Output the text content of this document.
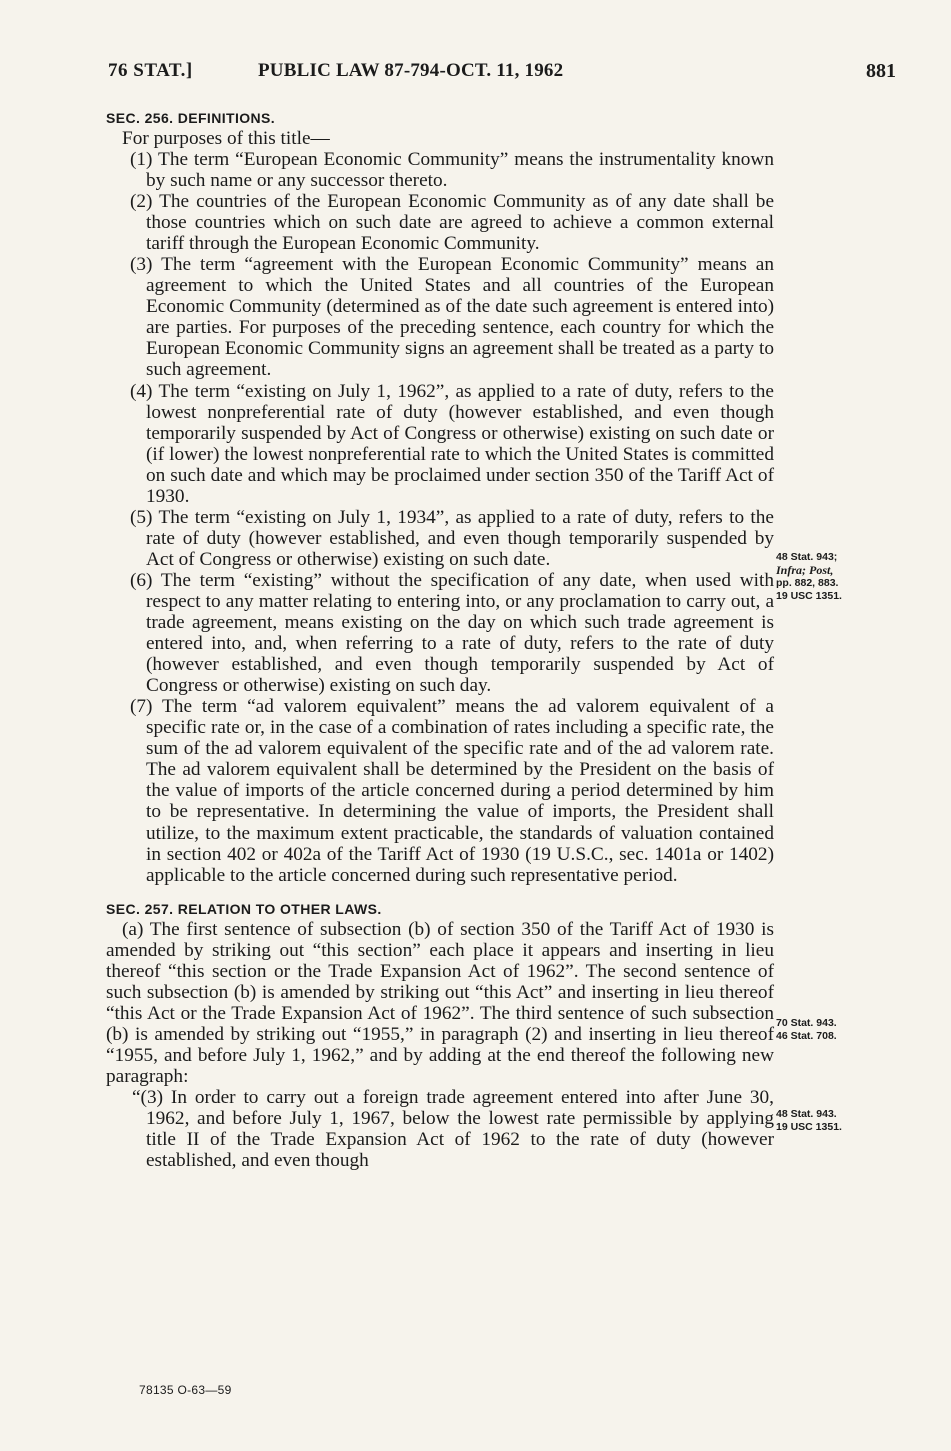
76 STAT.]	PUBLIC LAW 87-794-OCT. 11, 1962	881

SEC. 256. DEFINITIONS.

For purposes of this title—

(1) The term “European Economic Community” means the instrumentality known by such name or any successor thereto.

(2) The countries of the European Economic Community as of any date shall be those countries which on such date are agreed to achieve a common external tariff through the European Economic Community.

(3) The term “agreement with the European Economic Community” means an agreement to which the United States and all countries of the European Economic Community (determined as of the date such agreement is entered into) are parties. For purposes of the preceding sentence, each country for which the European Economic Community signs an agreement shall be treated as a party to such agreement.

(4) The term “existing on July 1, 1962”, as applied to a rate of duty, refers to the lowest nonpreferential rate of duty (however established, and even though temporarily suspended by Act of Congress or otherwise) existing on such date or (if lower) the lowest nonpreferential rate to which the United States is committed on such date and which may be proclaimed under section 350 of the Tariff Act of 1930.

(5) The term “existing on July 1, 1934”, as applied to a rate of duty, refers to the rate of duty (however established, and even though temporarily suspended by Act of Congress or otherwise) existing on such date.

(6) The term “existing” without the specification of any date, when used with respect to any matter relating to entering into, or any proclamation to carry out, a trade agreement, means existing on the day on which such trade agreement is entered into, and, when referring to a rate of duty, refers to the rate of duty (however established, and even though temporarily suspended by Act of Congress or otherwise) existing on such day.

(7) The term “ad valorem equivalent” means the ad valorem equivalent of a specific rate or, in the case of a combination of rates including a specific rate, the sum of the ad valorem equivalent of the specific rate and of the ad valorem rate. The ad valorem equivalent shall be determined by the President on the basis of the value of imports of the article concerned during a period determined by him to be representative. In determining the value of imports, the President shall utilize, to the maximum extent practicable, the standards of valuation contained in section 402 or 402a of the Tariff Act of 1930 (19 U.S.C., sec. 1401a or 1402) applicable to the article concerned during such representative period.

SEC. 257. RELATION TO OTHER LAWS.

(a) The first sentence of subsection (b) of section 350 of the Tariff Act of 1930 is amended by striking out “this section” each place it appears and inserting in lieu thereof “this section or the Trade Expansion Act of 1962”. The second sentence of such subsection (b) is amended by striking out “this Act” and inserting in lieu thereof “this Act or the Trade Expansion Act of 1962”. The third sentence of such subsection (b) is amended by striking out “1955,” in paragraph (2) and inserting in lieu thereof “1955, and before July 1, 1962,” and by adding at the end thereof the following new paragraph:

“(3) In order to carry out a foreign trade agreement entered into after June 30, 1962, and before July 1, 1967, below the lowest rate permissible by applying title II of the Trade Expansion Act of 1962 to the rate of duty (however established, and even though

48 Stat. 943;
Infra; Post,
pp. 882, 883.
19 USC 1351.
70 Stat. 943.
46 Stat. 708.
48 Stat. 943.
19 USC 1351.
78135 O-63—59
